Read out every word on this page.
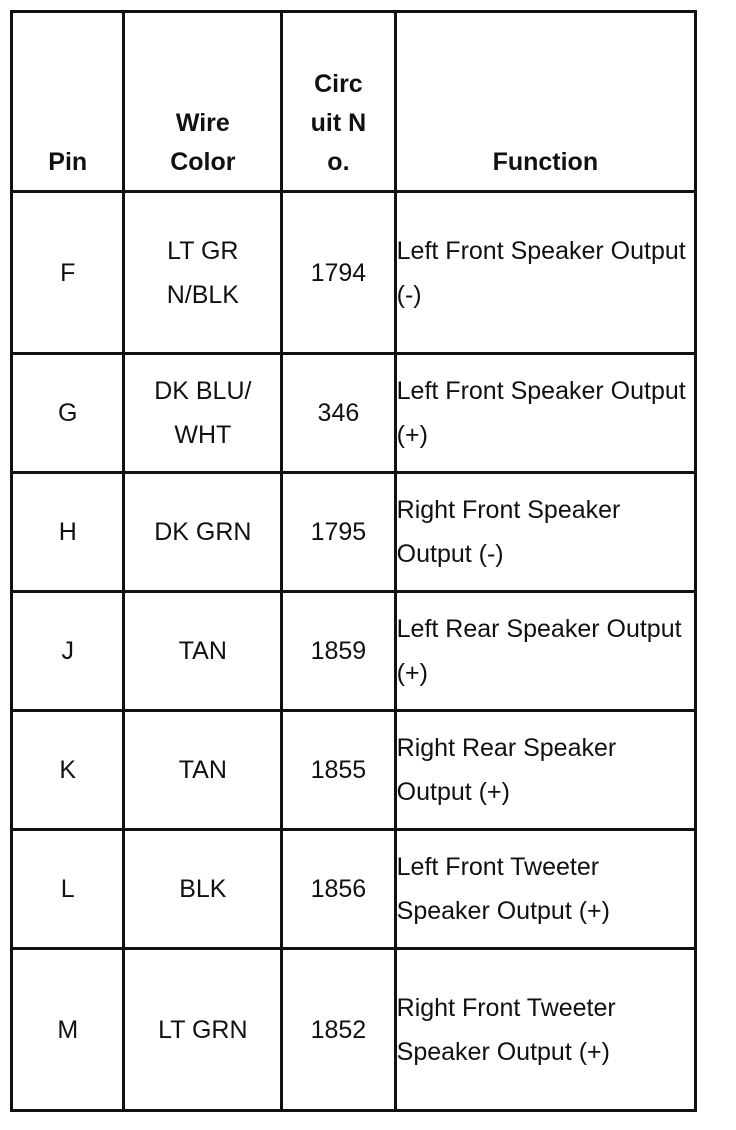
Pin	Wire Color	Circuit No.	Function
F	LT GRN/BLK	1794	Left Front Speaker Output (-)
G	DK BLU/ WHT	346	Left Front Speaker Output (+)
H	DK GRN	1795	Right Front Speaker Output (-)
J	TAN	1859	Left Rear Speaker Output (+)
K	TAN	1855	Right Rear Speaker Output (+)
L	BLK	1856	Left Front Tweeter Speaker Output (+)
M	LT GRN	1852	Right Front Tweeter Speaker Output (+)
